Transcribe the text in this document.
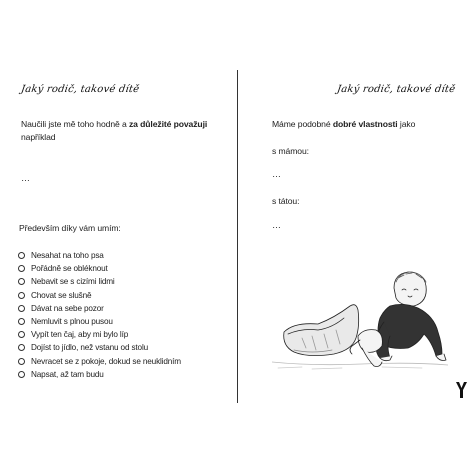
Jaký rodič, takové dítě
Naučili jste mě toho hodně a za důležité považuji
například
…
Především díky vám umím:
Nesahat na toho psa
Pořádně se obléknout
Nebavit se s cizími lidmi
Chovat se slušně
Dávat na sebe pozor
Nemluvit s plnou pusou
Vypít ten čaj, aby mi bylo líp
Dojíst to jídlo, než vstanu od stolu
Nevracet se z pokoje, dokud se neuklidním
Napsat, až tam budu
Jaký rodič, takové dítě
Máme podobné dobré vlastnosti jako
s mámou:
…
s tátou:
…
